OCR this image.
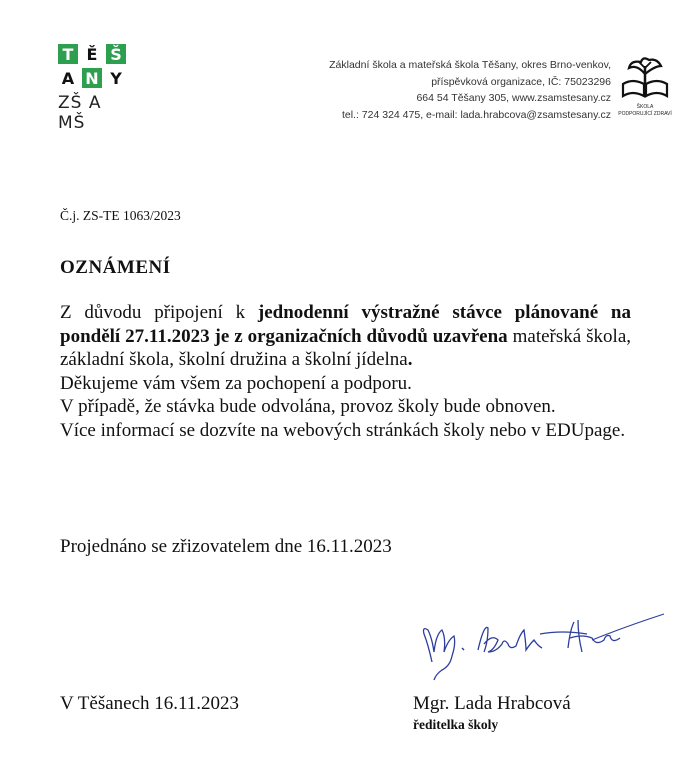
T Ě Š
A N Y
ZŠ A MŠ
Základní škola a mateřská škola Těšany, okres Brno-venkov,
příspěvková organizace, IČ: 75023296
664 54 Těšany 305, www.zsamstesany.cz
tel.: 724 324 475, e-mail: lada.hrabcova@zsamstesany.cz
ŠKOLA
PODPORUJÍCÍ ZDRAVÍ
Č.j. ZS-TE 1063/2023
OZNÁMENÍ

Z důvodu připojení k jednodenní výstražné stávce plánované na pondělí 27.11.2023 je z organizačních důvodů uzavřena mateřská škola, základní škola, školní družina a školní jídelna.

Děkujeme vám všem za pochopení a podporu.

V případě, že stávka bude odvolána, provoz školy bude obnoven.

Více informací se dozvíte na webových stránkách školy nebo v EDUpage.

Projednáno se zřizovatelem dne 16.11.2023
V Těšanech 16.11.2023	Mgr. Lada Hrabcová
ředitelka školy
